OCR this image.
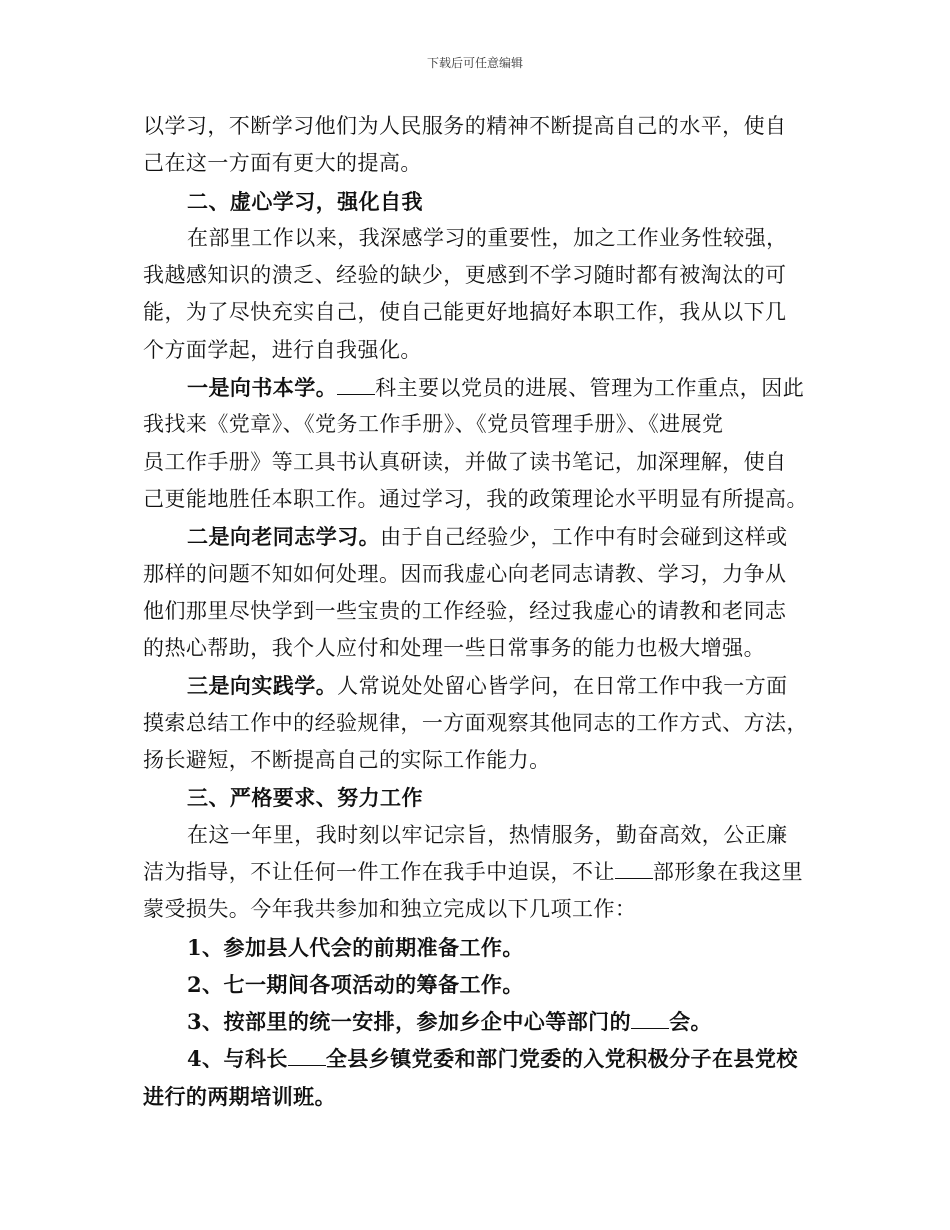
下载后可任意编辑
以学习，不断学习他们为人民服务的精神不断提高自己的水平，使自
己在这一方面有更大的提高。
二、虚心学习，强化自我
在部里工作以来，我深感学习的重要性，加之工作业务性较强，
我越感知识的溃乏、经验的缺少，更感到不学习随时都有被淘汰的可
能，为了尽快充实自己，使自己能更好地搞好本职工作，我从以下几
个方面学起，进行自我强化。
一是向书本学。 科主要以党员的进展、管理为工作重点，因此
我找来《党章》、《党务工作手册》、《党员管理手册》、《进展党
员工作手册》等工具书认真研读，并做了读书笔记，加深理解，使自
己更能地胜任本职工作。通过学习，我的政策理论水平明显有所提高。
二是向老同志学习。由于自己经验少，工作中有时会碰到这样或
那样的问题不知如何处理。因而我虚心向老同志请教、学习，力争从
他们那里尽快学到一些宝贵的工作经验，经过我虚心的请教和老同志
的热心帮助，我个人应付和处理一些日常事务的能力也极大增强。
三是向实践学。人常说处处留心皆学问，在日常工作中我一方面
摸索总结工作中的经验规律，一方面观察其他同志的工作方式、方法，
扬长避短，不断提高自己的实际工作能力。
三、严格要求、努力工作
在这一年里，我时刻以牢记宗旨，热情服务，勤奋高效，公正廉
洁为指导，不让任何一件工作在我手中迫误，不让 部形象在我这里
蒙受损失。今年我共参加和独立完成以下几项工作：
1、参加县人代会的前期准备工作。
2、七一期间各项活动的筹备工作。
3、按部里的统一安排，参加乡企中心等部门的 会。
4、与科长 全县乡镇党委和部门党委的入党积极分子在县党校
进行的两期培训班。
